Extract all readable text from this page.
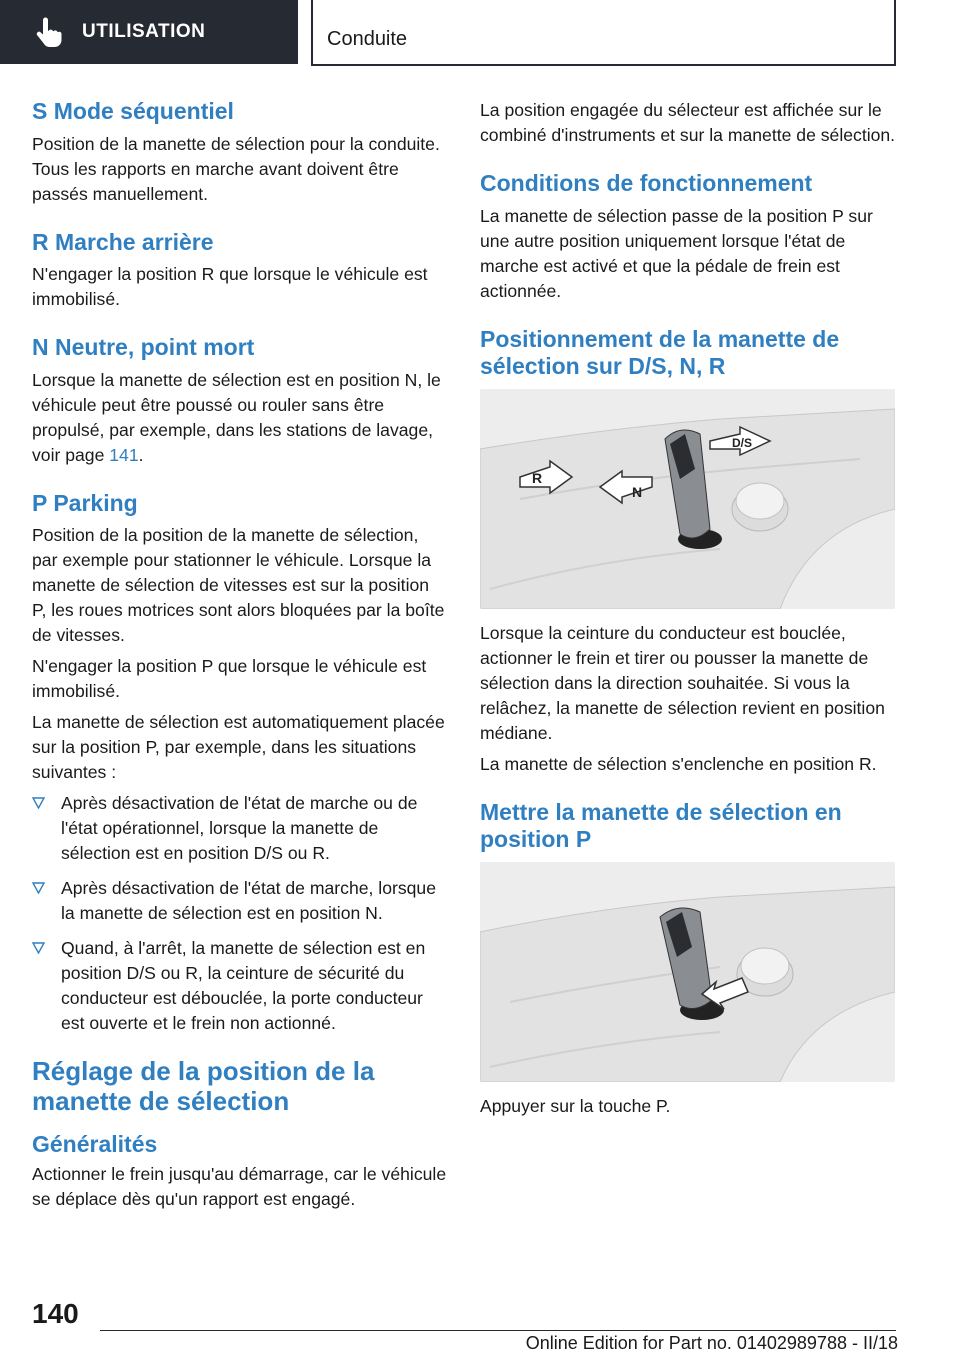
UTILISATION	Conduite
S Mode séquentiel

Position de la manette de sélection pour la conduite. Tous les rapports en marche avant doivent être passés manuellement.

R Marche arrière

N'engager la position R que lorsque le véhicule est immobilisé.

N Neutre, point mort

Lorsque la manette de sélection est en position N, le véhicule peut être poussé ou rouler sans être propulsé, par exemple, dans les stations de lavage, voir page 141.

P Parking

Position de la position de la manette de sélection, par exemple pour stationner le véhicule. Lorsque la manette de sélection de vitesses est sur la position P, les roues motrices sont alors bloquées par la boîte de vitesses.

N'engager la position P que lorsque le véhicule est immobilisé.

La manette de sélection est automatiquement placée sur la position P, par exemple, dans les situations suivantes :

Après désactivation de l'état de marche ou de l'état opérationnel, lorsque la manette de sélection est en position D/S ou R.
Après désactivation de l'état de marche, lorsque la manette de sélection est en position N.
Quand, à l'arrêt, la manette de sélection est en position D/S ou R, la ceinture de sécurité du conducteur est débouclée, la porte conducteur est ouverte et le frein non actionné.
Réglage de la position de la manette de sélection
Généralités

Actionner le frein jusqu'au démarrage, car le véhicule se déplace dès qu'un rapport est engagé.

La position engagée du sélecteur est affichée sur le combiné d'instruments et sur la manette de sélection.

Conditions de fonctionnement

La manette de sélection passe de la position P sur une autre position uniquement lorsque l'état de marche est activé et que la pédale de frein est actionnée.

Positionnement de la manette de sélection sur D/S, N, R
R
N
D/S

Lorsque la ceinture du conducteur est bouclée, actionner le frein et tirer ou pousser la manette de sélection dans la direction souhaitée. Si vous la relâchez, la manette de sélection revient en position médiane.

La manette de sélection s'enclenche en position R.

Mettre la manette de sélection en position P

Appuyer sur la touche P.

140
Online Edition for Part no. 01402989788 - II/18
